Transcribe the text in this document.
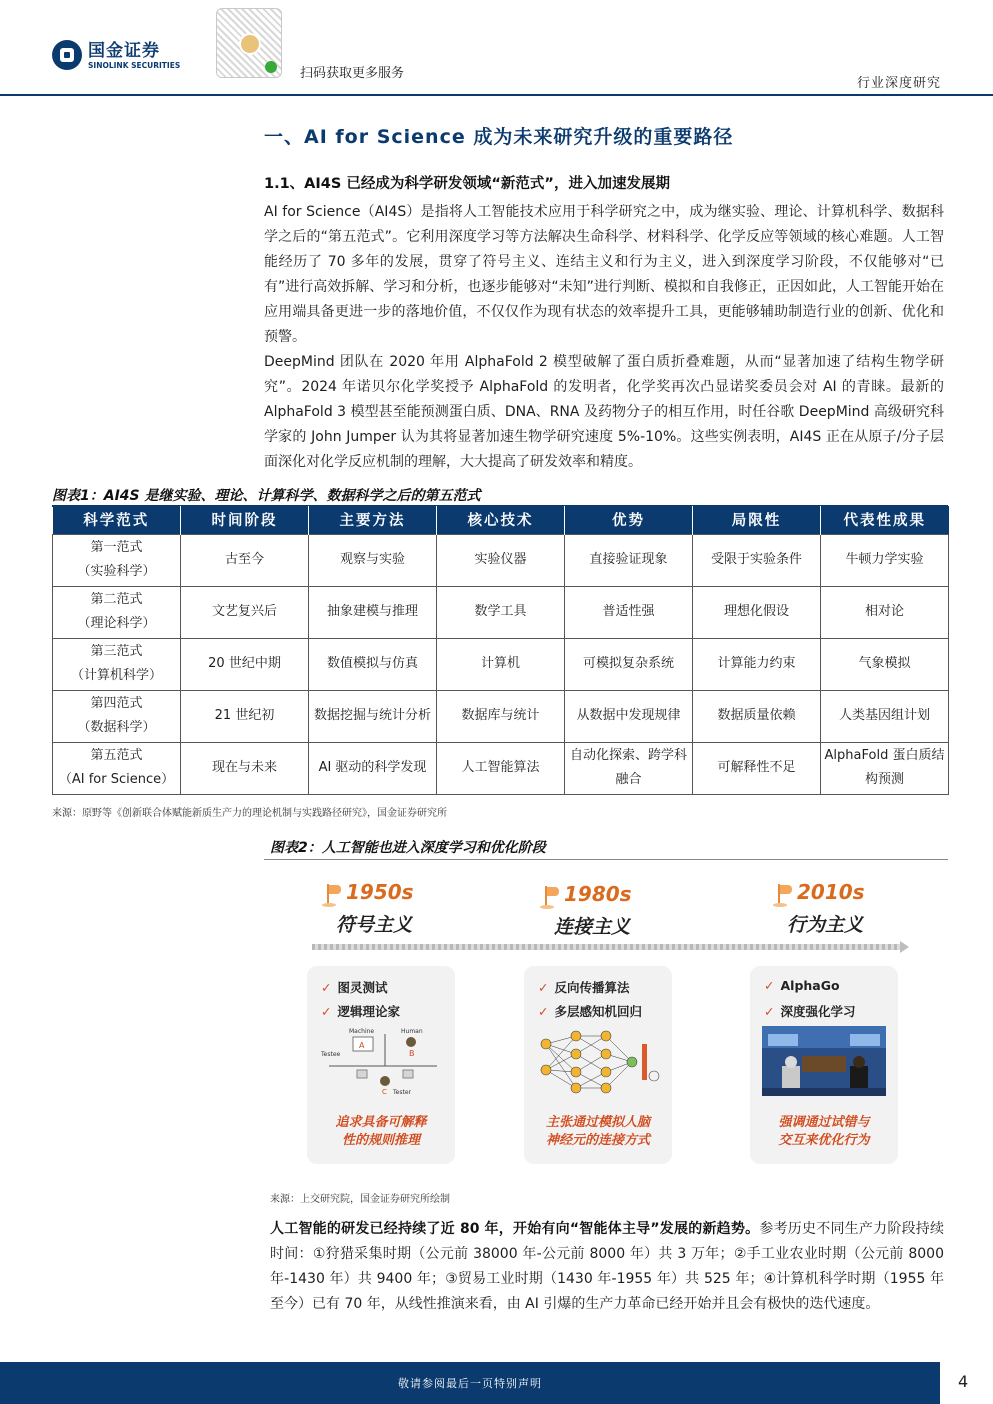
国金证券
SINOLINK SECURITIES
扫码获取更多服务
行业深度研究
一、AI for Science 成为未来研究升级的重要路径
1.1、AI4S 已经成为科学研发领域“新范式”，进入加速发展期
AI for Science（AI4S）是指将人工智能技术应用于科学研究之中，成为继实验、理论、计算机科学、数据科学之后的“第五范式”。它利用深度学习等方法解决生命科学、材料科学、化学反应等领域的核心难题。人工智能经历了 70 多年的发展，贯穿了符号主义、连结主义和行为主义，进入到深度学习阶段，不仅能够对“已有”进行高效拆解、学习和分析，也逐步能够对“未知”进行判断、模拟和自我修正，正因如此，人工智能开始在应用端具备更进一步的落地价值，不仅仅作为现有状态的效率提升工具，更能够辅助制造行业的创新、优化和预警。
DeepMind 团队在 2020 年用 AlphaFold 2 模型破解了蛋白质折叠难题，从而“显著加速了结构生物学研究”。2024 年诺贝尔化学奖授予 AlphaFold 的发明者，化学奖再次凸显诺奖委员会对 AI 的青睐。最新的 AlphaFold 3 模型甚至能预测蛋白质、DNA、RNA 及药物分子的相互作用，时任谷歌 DeepMind 高级研究科学家的 John Jumper 认为其将显著加速生物学研究速度 5%-10%。这些实例表明，AI4S 正在从原子/分子层面深化对化学反应机制的理解，大大提高了研发效率和精度。
图表1：AI4S 是继实验、理论、计算科学、数据科学之后的第五范式
科学范式	时间阶段	主要方法	核心技术	优势	局限性	代表性成果
第一范式
（实验科学）	古至今	观察与实验	实验仪器	直接验证现象	受限于实验条件	牛顿力学实验
第二范式
（理论科学）	文艺复兴后	抽象建模与推理	数学工具	普适性强	理想化假设	相对论
第三范式
（计算机科学）	20 世纪中期	数值模拟与仿真	计算机	可模拟复杂系统	计算能力约束	气象模拟
第四范式
（数据科学）	21 世纪初	数据挖掘与统计分析	数据库与统计	从数据中发现规律	数据质量依赖	人类基因组计划
第五范式
（AI for Science）	现在与未来	AI 驱动的科学发现	人工智能算法	自动化探索、跨学科融合	可解释性不足	AlphaFold 蛋白质结构预测
来源：原野等《创新联合体赋能新质生产力的理论机制与实践路径研究》，国金证券研究所
图表2：人工智能也进入深度学习和优化阶段
1950s
符号主义
1980s
连接主义
2010s
行为主义
✓ 图灵测试
✓ 逻辑理论家
Machine	Human
A
B
Testee
C Tester
追求具备可解释
性的规则推理
✓ 反向传播算法
✓ 多层感知机回归
主张通过模拟人脑
神经元的连接方式
✓ AlphaGo
✓ 深度强化学习
强调通过试错与
交互来优化行为
来源：上交研究院，国金证券研究所绘制
人工智能的研发已经持续了近 80 年，开始有向“智能体主导”发展的新趋势。参考历史不同生产力阶段持续时间：①狩猎采集时期（公元前 38000 年-公元前 8000 年）共 3 万年；②手工业农业时期（公元前 8000 年-1430 年）共 9400 年；③贸易工业时期（1430 年-1955 年）共 525 年；④计算机科学时期（1955 年至今）已有 70 年，从线性推演来看，由 AI 引爆的生产力革命已经开始并且会有极快的迭代速度。
敬请参阅最后一页特别声明	4
